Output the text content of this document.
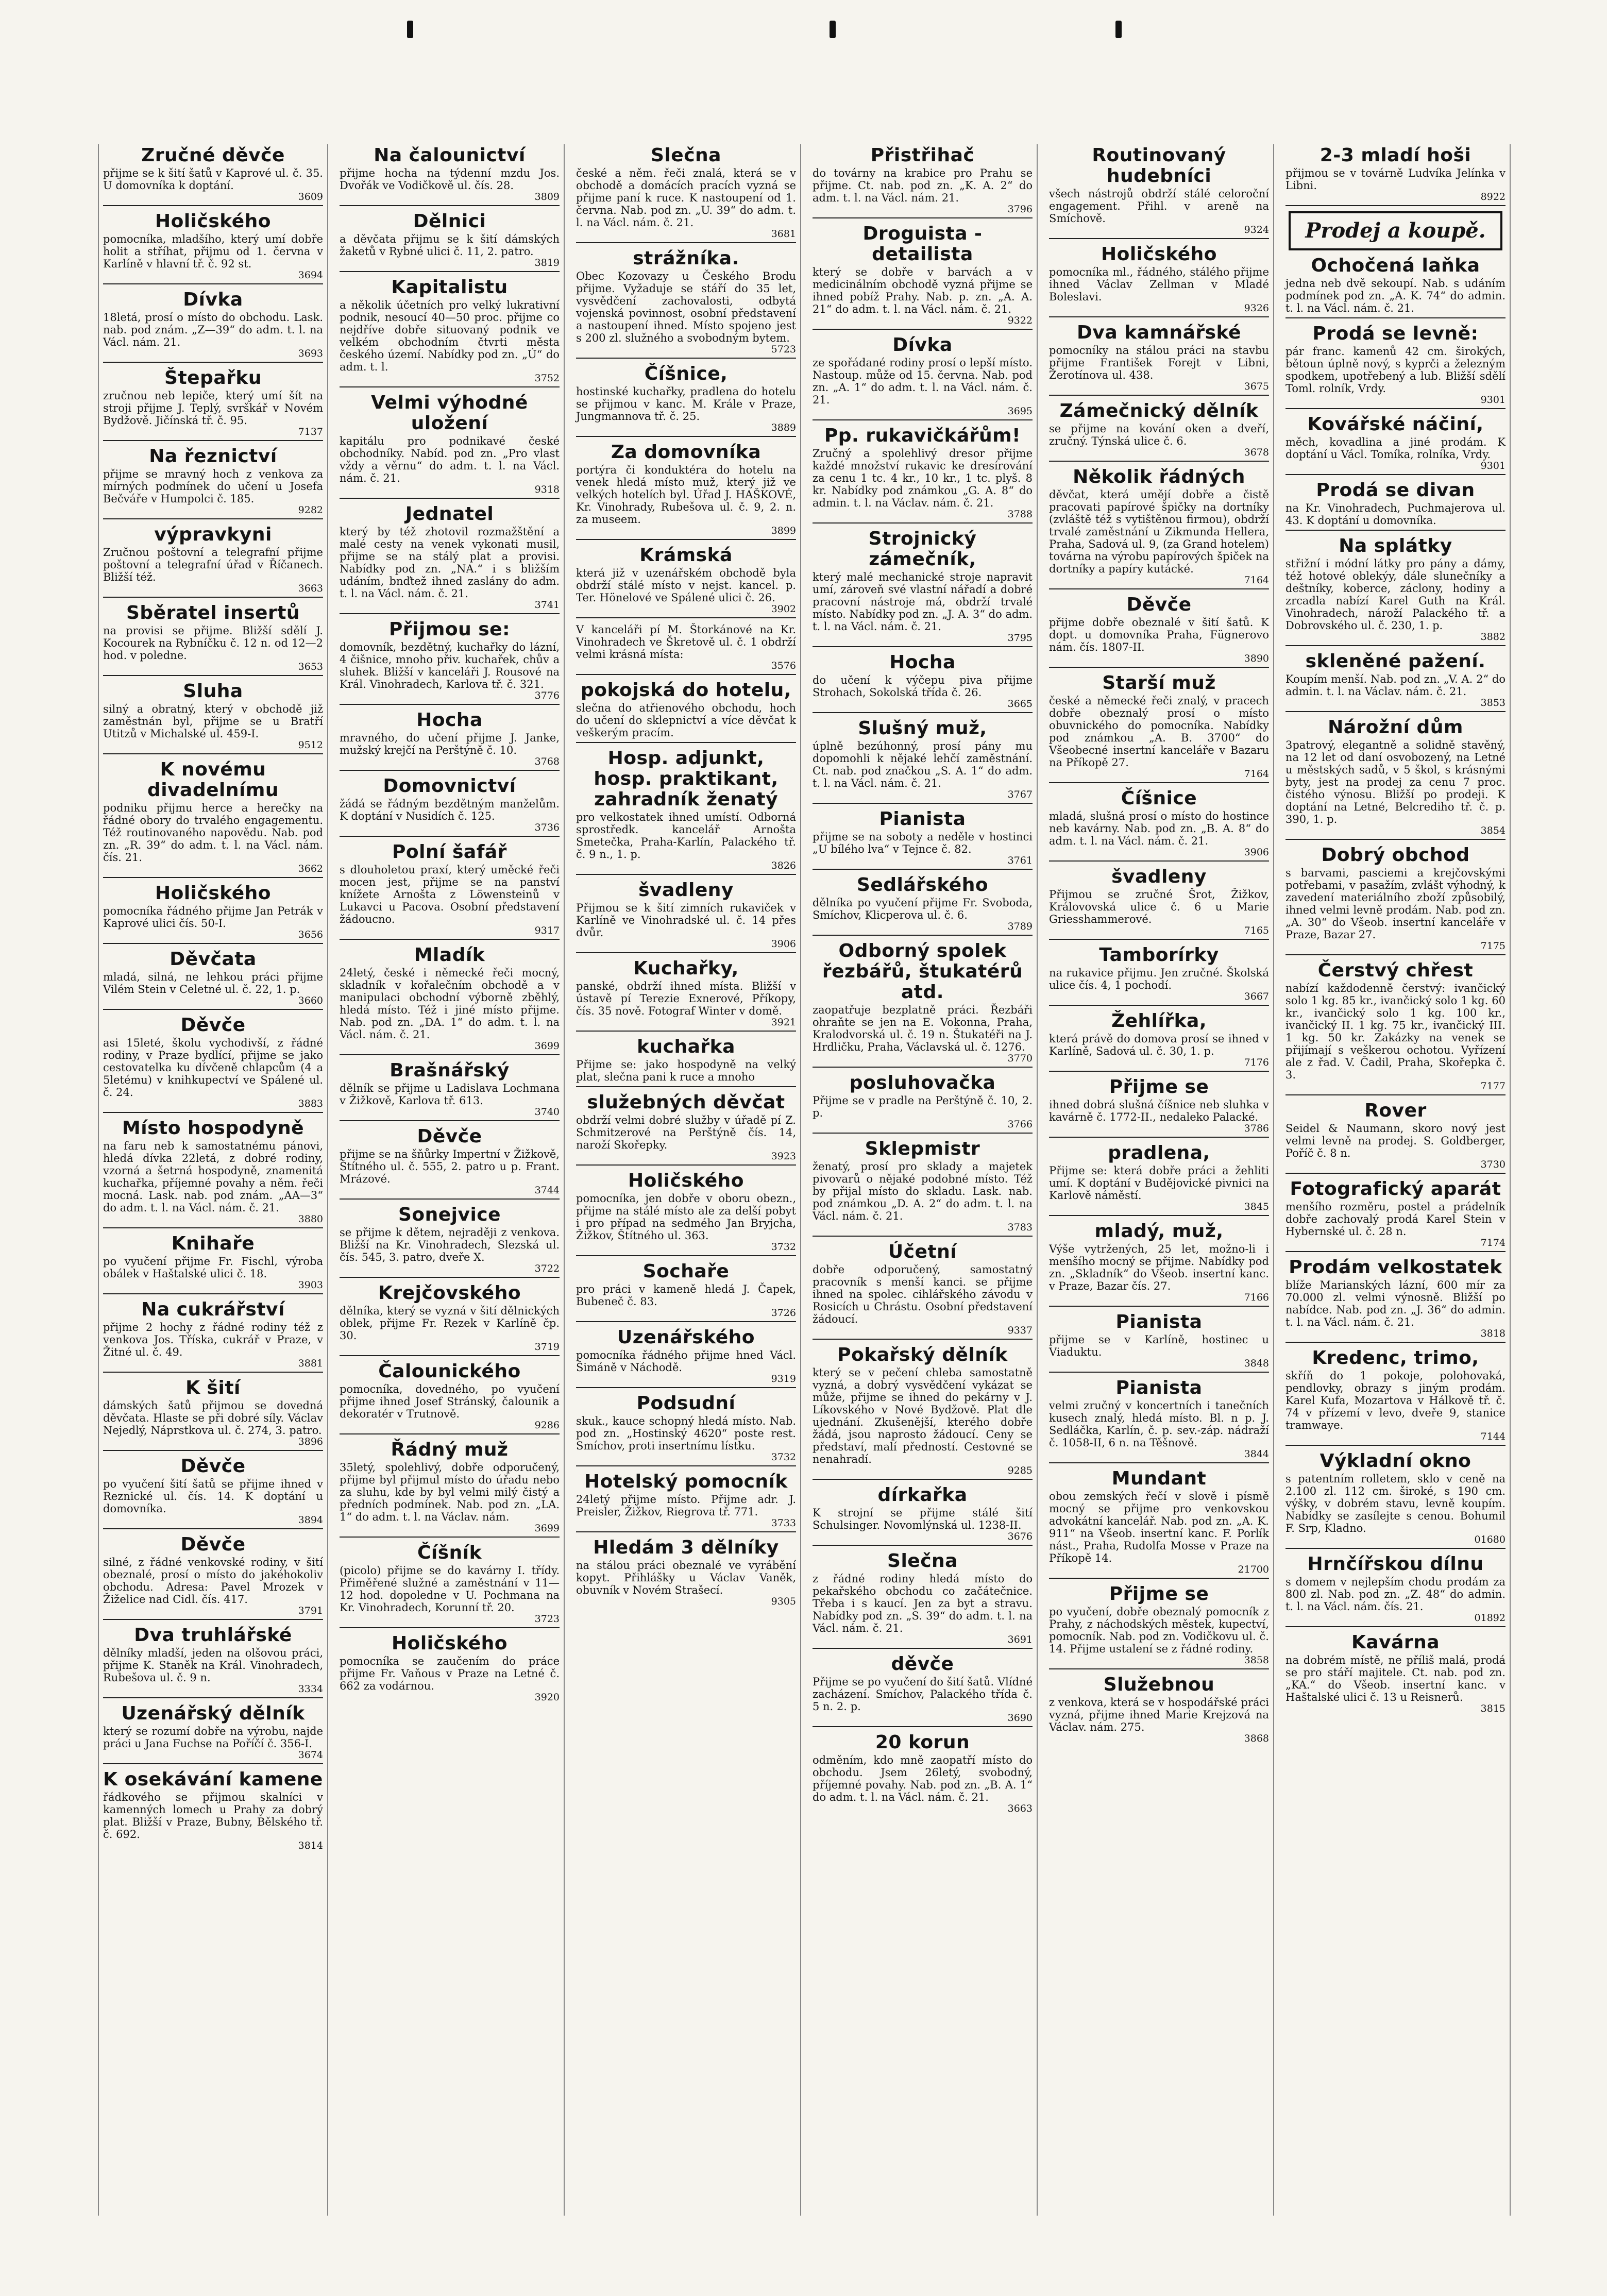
Zručné děvče
přijme se k šití šatů v Kaprové ul. č. 35. U domovníka k doptání.
3609
Holičského
pomocníka, mladšího, který umí dobře holit a stříhat, přijmu od 1. června v Karlíně v hlavní tř. č. 92 st.
3694
Dívka
18letá, prosí o místo do obchodu. Lask. nab. pod znám. „Z—39“ do adm. t. l. na Václ. nám. 21.
3693
Štepařku
zručnou neb lepiče, který umí šít na stroji přijme J. Teplý, svrškář v Novém Bydžově. Jičínská tř. č. 95.
7137
Na řeznictví
přijme se mravný hoch z venkova za mírných podmínek do učení u Josefa Bečváře v Humpolci č. 185.
9282
výpravkyni
Zručnou poštovní a telegrafní přijme poštovní a telegrafní úřad v Říčanech. Bližší též.
3663
Sběratel insertů
na provisi se přijme. Bližší sdělí J. Kocourek na Rybníčku č. 12 n. od 12—2 hod. v poledne.
3653
Sluha
silný a obratný, který v obchodě již zaměstnán byl, přijme se u Bratří Utitzů v Michalské ul. 459-I.
9512
K novému divadelnímu
podniku přijmu herce a herečky na řádné obory do trvalého engagementu. Též routinovaného napovědu. Nab. pod zn. „R. 39“ do adm. t. l. na Václ. nám. čís. 21.
3662
Holičského
pomocníka řádného přijme Jan Petrák v Kaprové ulici čís. 50-I.
3656
Děvčata
mladá, silná, ne lehkou práci přijme Vilém Stein v Celetné ul. č. 22, 1. p.
3660
Děvče
asi 15leté, školu vychodivší, z řádné rodiny, v Praze bydlící, přijme se jako cestovatelka ku dívčeně chlapcům (4 a 5letému) v knihkupectví ve Spálené ul. č. 24.
3883
Místo hospodyně
na faru neb k samostatnému pánovi, hledá dívka 22letá, z dobré rodiny, vzorná a šetrná hospodyně, znamenitá kuchařka, příjemné povahy a něm. řeči mocná. Lask. nab. pod znám. „AA—3“ do adm. t. l. na Václ. nám. č. 21.
3880
Knihaře
po vyučení přijme Fr. Fischl, výroba obálek v Haštalské ulici č. 18.
3903
Na cukrářství
přijme 2 hochy z řádné rodiny též z venkova Jos. Tříska, cukrář v Praze, v Žitné ul. č. 49.
3881
K šití
dámských šatů přijmou se dovedná děvčata. Hlaste se při dobré síly. Václav Nejedlý, Náprstkova ul. č. 274, 3. patro.
3896
Děvče
po vyučení šití šatů se přijme ihned v Reznické ul. čís. 14. K doptání u domovníka.
3894
Děvče
silné, z řádné venkovské rodiny, v šití obeznalé, prosí o místo do jakéhokoliv obchodu. Adresa: Pavel Mrozek v Žiželice nad Cidl. čís. 417.
3791
Dva truhlářské
dělníky mladší, jeden na olšovou práci, přijme K. Staněk na Král. Vinohradech, Rubešova ul. č. 9 n.
3334
Uzenářský dělník
který se rozumí dobře na výrobu, najde práci u Jana Fuchse na Poříčí č. 356-I.
3674
K osekávání kamene
řádkového se přijmou skalníci v kamenných lomech u Prahy za dobrý plat. Bližší v Praze, Bubny, Bělského tř. č. 692.
3814
Na čalounictví
přijme hocha na týdenní mzdu Jos. Dvořák ve Vodičkově ul. čís. 28.
3809
Dělnici
a děvčata přijmu se k šití dámských žaketů v Rybné ulici č. 11, 2. patro.
3819
Kapitalistu
a několik účetních pro velký lukrativní podnik, nesoucí 40—50 proc. přijme co nejdříve dobře situovaný podnik ve velkém obchodním čtvrti města českého území. Nabídky pod zn. „Ú“ do adm. t. l.
3752
Velmi výhodné uložení
kapitálu pro podnikavé české obchodníky. Nabíd. pod zn. „Pro vlast vždy a věrnu“ do adm. t. l. na Václ. nám. č. 21.
9318
Jednatel
který by též zhotovil rozmažštění a malé cesty na venek vykonati musil, přijme se na stálý plat a provisi. Nabídky pod zn. „NA.“ i s bližším udáním, bnďtež ihned zaslány do adm. t. l. na Václ. nám. č. 21.
3741
Přijmou se:
domovník, bezdětný, kuchařky do lázní, 4 čišnice, mnoho přiv. kuchařek, chův a sluhek. Bližší v kanceláři J. Rousové na Král. Vinohradech, Karlova tř. č. 321.
3776
Hocha
mravného, do učení přijme J. Janke, mužský krejčí na Perštýně č. 10.
3768
Domovnictví
žádá se řádným bezdětným manželům. K doptání v Nusidích č. 125.
3736
Polní šafář
s dlouholetou praxí, který uměcké řeči mocen jest, přijme se na panství knížete Arnošta z Löwensteinů v Lukavci u Pacova. Osobní představení žádoucno.
9317
Mladík
24letý, české i německé řeči mocný, skladník v kořalečním obchodě a v manipulaci obchodní výborně zběhlý, hledá místo. Též i jiné místo přijme. Nab. pod zn. „DA. 1“ do adm. t. l. na Václ. nám. č. 21.
3699
Brašnářský
dělník se přijme u Ladislava Lochmana v Žižkově, Karlova tř. 613.
3740
Děvče
přijme se na šňůrky Impertní v Žižkově, Štítného ul. č. 555, 2. patro u p. Frant. Mrázové.
3744
Sonejvice
se přijme k dětem, nejraději z venkova. Bližší na Kr. Vinohradech, Slezská ul. čís. 545, 3. patro, dveře X.
3722
Krejčovského
dělníka, který se vyzná v šití dělnických oblek, přijme Fr. Rezek v Karlíně čp. 30.
3719
Čalounického
pomocníka, dovedného, po vyučení přijme ihned Josef Stránský, čalounik a dekoratér v Trutnově.
9286
Řádný muž
35letý, spolehlivý, dobře odporučený, přijme byl přijmul místo do úřadu nebo za sluhu, kde by byl velmi milý čistý a předních podmínek. Nab. pod zn. „LA. 1“ do adm. t. l. na Václav. nám.
3699
Číšník
(picolo) přijme se do kavárny I. třídy. Přiměřené služné a zaměstnání v 11—12 hod. dopoledne v U. Pochmana na Kr. Vinohradech, Korunní tř. 20.
3723
Holičského
pomocníka se zaučením do práce přijme Fr. Vaňous v Praze na Letné č. 662 za vodárnou.
3920
Slečna
české a něm. řeči znalá, která se v obchodě a domácích pracích vyzná se přijme paní k ruce. K nastoupení od 1. června. Nab. pod zn. „U. 39“ do adm. t. l. na Václ. nám. č. 21.
3681
strážníka.
Obec Kozovazy u Českého Brodu přijme. Vyžaduje se stáří do 35 let, vysvědčení zachovalosti, odbytá vojenská povinnost, osobní představení a nastoupení ihned. Místo spojeno jest s 200 zl. služného a svobodným bytem.
5723
Číšnice,
hostinské kuchařky, pradlena do hotelu se přijmou v kanc. M. Krále v Praze, Jungmannova tř. č. 25.
3889
Za domovníka
portýra či konduktéra do hotelu na venek hledá místo muž, který již ve velkých hotelích byl. Úřad J. HAŠKOVÉ, Kr. Vinohrady, Rubešova ul. č. 9, 2. n. za museem.
3899
Krámská
která již v uzenářském obchodě byla obdrží stálé místo v nejst. kancel. p. Ter. Hönelové ve Spálené ulici č. 26.
3902
V kanceláři pí M. Štorkánové na Kr. Vinohradech ve Škretově ul. č. 1 obdrží velmi krásná místa:
3576
pokojská do hotelu,
slečna do atřienového obchodu, hoch do učení do sklepnictví a více děvčat k veškerým pracím.
Hosp. adjunkt, hosp. praktikant, zahradník ženatý
pro velkostatek ihned umístí. Odborná sprostředk. kancelář Arnošta Smetečka, Praha-Karlín, Palackého tř. č. 9 n., 1. p.
3826
švadleny
Přijmou se k šití zimních rukaviček v Karlíně ve Vinohradské ul. č. 14 přes dvůr.
3906
Kuchařky,
panské, obdrží ihned místa. Bližší v ústavě pí Terezie Exnerové, Příkopy, čís. 35 nově. Fotograf Winter v domě.
3921
kuchařka
Přijme se: jako hospodyně na velký plat, slečna pani k ruce a mnoho
služebných děvčat
obdrží velmi dobré služby v úřadě pí Z. Schmitzerové na Perštýně čís. 14, naroží Skořepky.
3923
Holičského
pomocníka, jen dobře v oboru obezn., přijme na stálé místo ale za delší pobyt i pro případ na sedmého Jan Bryjcha, Žižkov, Štítného ul. 363.
3732
Sochaře
pro práci v kameně hledá J. Čapek, Bubeneč č. 83.
3726
Uzenářského
pomocníka řádného přijme hned Václ. Šimáně v Náchodě.
9319
Podsudní
skuk., kauce schopný hledá místo. Nab. pod zn. „Hostinský 4620“ poste rest. Smíchov, proti insertnímu lístku.
3732
Hotelský pomocník
24letý přijme místo. Přijme adr. J. Preisler, Žižkov, Riegrova tř. 771.
3733
Hledám 3 dělníky
na stálou práci obeznalé ve vyrábění kopyt. Přihlášky u Václav Vaněk, obuvník v Novém Strašecí.
9305
Přistřihač
do továrny na krabice pro Prahu se přijme. Ct. nab. pod zn. „K. A. 2“ do adm. t. l. na Václ. nám. 21.
3796
Droguista - detailista
který se dobře v barvách a v medicinálním obchodě vyzná přijme se ihned pobíž Prahy. Nab. p. zn. „A. A. 21“ do adm. t. l. na Václ. nám. č. 21.
9322
Dívka
ze spořádané rodiny prosí o lepší místo. Nastoup. může od 15. června. Nab. pod zn. „A. 1“ do adm. t. l. na Václ. nám. č. 21.
3695
Pp. rukavičkářům!
Zručný a spolehlivý dresor přijme každé množství rukavic ke dresírování za cenu 1 tc. 4 kr., 10 kr., 1 tc. plyš. 8 kr. Nabídky pod známkou „G. A. 8“ do admin. t. l. na Václav. nám. č. 21.
3788
Strojnický zámečník,
který malé mechanické stroje napravit umí, zároveň své vlastní nářadí a dobré pracovní nástroje má, obdrží trvalé místo. Nabídky pod zn. „J. A. 3“ do adm. t. l. na Václ. nám. č. 21.
3795
Hocha
do učení k výčepu piva přijme Strohach, Sokolská třída č. 26.
3665
Slušný muž,
úplně bezúhonný, prosí pány mu dopomohli k nějaké lehčí zaměstnání. Ct. nab. pod značkou „S. A. 1“ do adm. t. l. na Václ. nám. č. 21.
3767
Pianista
přijme se na soboty a neděle v hostinci „U bílého lva“ v Tejnce č. 82.
3761
Sedlářského
dělníka po vyučení přijme Fr. Svoboda, Smíchov, Klicperova ul. č. 6.
3789
Odborný spolek řezbářů, štukatérů atd.
zaopatřuje bezplatně práci. Řezbáři ohraňte se jen na E. Vokonna, Praha, Kralodvorská ul. č. 19 n. Štukatéři na J. Hrdličku, Praha, Václavská ul. č. 1276.
3770
posluhovačka
Přijme se v pradle na Perštýně č. 10, 2. p.
3766
Sklepmistr
ženatý, prosí pro sklady a majetek pivovarů o nějaké podobné místo. Též by přijal místo do skladu. Lask. nab. pod známkou „D. A. 2“ do adm. t. l. na Václ. nám. č. 21.
3783
Účetní
dobře odporučený, samostatný pracovník s menší kanci. se přijme ihned na spolec. cihlářského závodu v Rosicích u Chrástu. Osobní představení žádoucí.
9337
Pokařský dělník
který se v pečení chleba samostatně vyzná, a dobrý vysvědčení vykázat se může, přijme se ihned do pekárny v J. Líkovského v Nové Bydžově. Plat dle ujednání. Zkušenější, kterého dobře žádá, jsou naprosto žádoucí. Ceny se představí, malí předností. Cestovné se nenahradí.
9285
dírkařka
K strojní se přijme stálé šití Schulsinger. Novomlýnská ul. 1238-II.
3676
Slečna
z řádné rodiny hledá místo do pekařského obchodu co začátečnice. Třeba i s kaucí. Jen za byt a stravu. Nabídky pod zn. „S. 39“ do adm. t. l. na Václ. nám. č. 21.
3691
děvče
Přijme se po vyučení do šití šatů. Vlídné zacházení. Smíchov, Palackého třída č. 5 n. 2. p.
3690
20 korun
odměním, kdo mně zaopatří místo do obchodu. Jsem 26letý, svobodný, příjemné povahy. Nab. pod zn. „B. A. 1“ do adm. t. l. na Václ. nám. č. 21.
3663
Routinovaný hudebníci
všech nástrojů obdrží stálé celoroční engagement. Přihl. v areně na Smíchově.
9324
Holičského
pomocníka ml., řádného, stálého přijme ihned Václav Zellman v Mladé Boleslavi.
9326
Dva kamnářské
pomocníky na stálou práci na stavbu přijme František Forejt v Libni, Žerotínova ul. 438.
3675
Zámečnický dělník
se přijme na kování oken a dveří, zručný. Týnská ulice č. 6.
3678
Několik řádných
děvčat, která umějí dobře a čistě pracovati papírové špičky na dortníky (zvláště též s vytištěnou firmou), obdrží trvalé zaměstnání u Zikmunda Hellera, Praha, Sadová ul. 9, (za Grand hotelem) továrna na výrobu papírových špiček na dortníky a papíry kutácké.
7164
Děvče
přijme dobře obeznalé v šití šatů. K dopt. u domovníka Praha, Fügnerovo nám. čís. 1807-II.
3890
Starší muž
české a německé řeči znalý, v pracech dobře obeznalý prosí o místo obuvnického do pomocníka. Nabídky pod známkou „A. B. 3700“ do Všeobecné insertní kanceláře v Bazaru na Příkopě 27.
7164
Číšnice
mladá, slušná prosí o místo do hostince neb kavárny. Nab. pod zn. „B. A. 8“ do adm. t. l. na Václ. nám. č. 21.
3906
švadleny
Přijmou se zručné Šrot, Žižkov, Královovská ulice č. 6 u Marie Griesshammerové.
7165
Tamborírky
na rukavice přijmu. Jen zručné. Školská ulice čís. 4, 1 pochodí.
3667
Žehlířka,
která právě do domova prosí se ihned v Karlíně, Sadová ul. č. 30, 1. p.
7176
Přijme se
ihned dobrá slušná číšnice neb sluhka v kavárně č. 1772-II., nedaleko Palacké.
3786
pradlena,
Přijme se: která dobře práci a žehliti umí. K doptání v Budějovické pivnici na Karlově náměstí.
3845
mladý, muž,
Výše vytržených, 25 let, možno-li i menšího mocný se přijme. Nabídky pod zn. „Skladník“ do Všeob. insertní kanc. v Praze, Bazar čís. 27.
7166
Pianista
přijme se v Karlíně, hostinec u Viaduktu.
3848
Pianista
velmi zručný v koncertních i tanečních kusech znalý, hledá místo. Bl. n p. J. Sedláčka, Karlín, č. p. sev.-záp. nádraží č. 1058-II, 6 n. na Těšnově.
3844
Mundant
obou zemských řečí v slově i písmě mocný se přijme pro venkovskou advokátní kancelář. Nab. pod zn. „A. K. 911“ na Všeob. insertní kanc. F. Porlík nást., Praha, Rudolfa Mosse v Praze na Příkopě 14.
21700
Přijme se
po vyučení, dobře obeznalý pomocník z Prahy, z náchodských městek, kupectví, pomocník. Nab. pod zn. Vodičkovu ul. č. 14. Přijme ustalení se z řádné rodiny.
3858
Služebnou
z venkova, která se v hospodářské práci vyzná, přijme ihned Marie Krejzová na Václav. nám. 275.
3868
2-3 mladí hoši
přijmou se v továrně Ludvíka Jelínka v Libni.
8922
Prodej a koupě.
Ochočená laňka
jedna neb dvě sekoupí. Nab. s udáním podmínek pod zn. „A. K. 74“ do admin. t. l. na Václ. nám. č. 21.
Prodá se levně:
pár franc. kamenů 42 cm. širokých, bětoun úplně nový, s kyprči a železným spodkem, upotřebený a lub. Bližší sdělí Toml. rolník, Vrdy.
9301
Kovářské náčiní,
měch, kovadlina a jiné prodám. K doptání u Václ. Tomíka, rolníka, Vrdy.
9301
Prodá se divan
na Kr. Vinohradech, Puchmajerova ul. 43. K doptání u domovníka.
Na splátky
střižní i módní látky pro pány a dámy, též hotové oblekýy, dále slunečníky a deštníky, koberce, záclony, hodiny a zrcadla nabízí Karel Guth na Král. Vinohradech, nároží Palackého tř. a Dobrovského ul. č. 230, 1. p.
3882
skleněné pažení.
Koupím menší. Nab. pod zn. „V. A. 2“ do admin. t. l. na Václav. nám. č. 21.
3853
Nárožní dům
3patrový, elegantně a solidně stavěný, na 12 let od daní osvobozený, na Letné u městských sadů, v 5 škol, s krásnými byty, jest na prodej za cenu 7 proc. čistého výnosu. Bližší po prodeji. K doptání na Letné, Belcrediho tř. č. p. 390, 1. p.
3854
Dobrý obchod
s barvami, pasciemi a krejčovskými potřebami, v pasažím, zvlášt výhodný, k zavedení materiálního zboží způsobilý, ihned velmi levně prodám. Nab. pod zn. „A. 30“ do Všeob. insertní kanceláře v Praze, Bazar 27.
7175
Čerstvý chřest
nabízí každodenně čerstvý: ivančický solo 1 kg. 85 kr., ivančický solo 1 kg. 60 kr., ivančický solo 1 kg. 100 kr., ivančický II. 1 kg. 75 kr., ivančický III. 1 kg. 50 kr. Zakázky na venek se přijímají s veškerou ochotou. Vyřízení ale z řad. V. Čadil, Praha, Skořepka č. 3.
7177
Rover
Seidel & Naumann, skoro nový jest velmi levně na prodej. S. Goldberger, Poříč č. 8 n.
3730
Fotografický aparát
menšího rozměru, postel a prádelník dobře zachovalý prodá Karel Stein v Hybernské ul. č. 28 n.
7174
Prodám velkostatek
blíže Marianských lázní, 600 mír za 70.000 zl. velmi výnosně. Bližší po nabídce. Nab. pod zn. „J. 36“ do admin. t. l. na Václ. nám. č. 21.
3818
Kredenc, trimo,
skříň do 1 pokoje, polohovaká, pendlovky, obrazy s jiným prodám. Karel Kufa, Mozartova v Hálkově tř. č. 74 v přízemí v levo, dveře 9, stanice tramwaye.
7144
Výkladní okno
s patentním rolletem, sklo v ceně na 2.100 zl. 112 cm. široké, s 190 cm. výšky, v dobrém stavu, levně koupím. Nabídky se zasílejte s cenou. Bohumil F. Srp, Kladno.
01680
Hrnčířskou dílnu
s domem v nejlepším chodu prodám za 800 zl. Nab. pod zn. „Z. 48“ do admin. t. l. na Václ. nám. čís. 21.
01892
Kavárna
na dobrém místě, ne příliš malá, prodá se pro stáří majitele. Ct. nab. pod zn. „KA.“ do Všeob. insertní kanc. v Haštalské ulici č. 13 u Reisnerů.
3815
